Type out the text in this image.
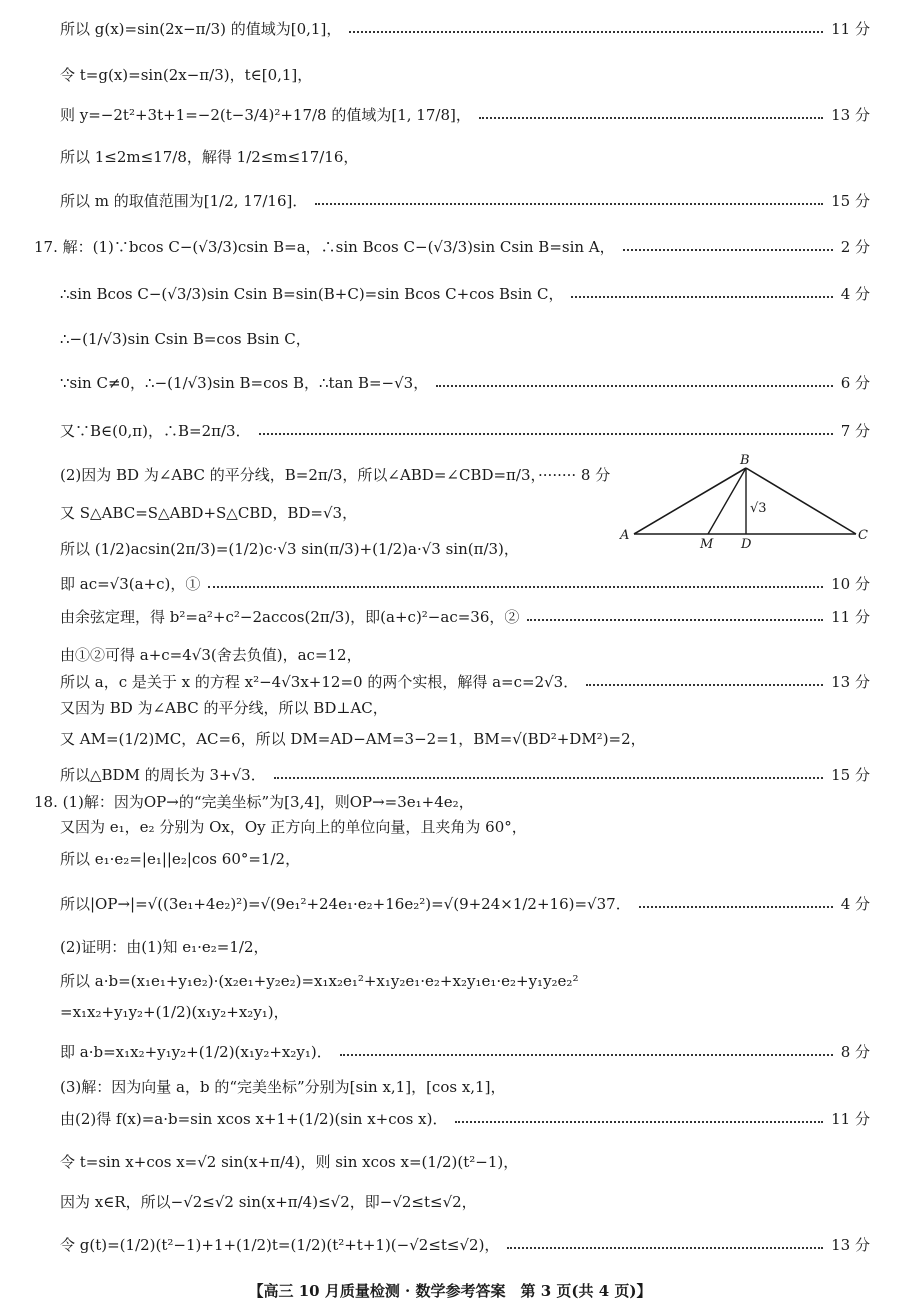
所以 g(x)=sin(2x−π/3) 的值域为[0,1]，	11 分
令 t=g(x)=sin(2x−π/3)，t∈[0,1]，
则 y=−2t²+3t+1=−2(t−3/4)²+17/8 的值域为[1, 17/8]，	13 分
所以 1≤2m≤17/8，解得 1/2≤m≤17/16，
所以 m 的取值范围为[1/2, 17/16]．	15 分
17. 解：(1)∵bcos C−(√3/3)csin B=a，∴sin Bcos C−(√3/3)sin Csin B=sin A，	2 分
∴sin Bcos C−(√3/3)sin Csin B=sin(B+C)=sin Bcos C+cos Bsin C，	4 分
∴−(1/√3)sin Csin B=cos Bsin C，
∵sin C≠0，∴−(1/√3)sin B=cos B，∴tan B=−√3，	6 分
又∵B∈(0,π)，∴B=2π/3．	7 分
(2)因为 BD 为∠ABC 的平分线，B=2π/3，所以∠ABD=∠CBD=π/3，········ 8 分
又 S△ABC=S△ABD+S△CBD，BD=√3，
所以 (1/2)acsin(2π/3)=(1/2)c·√3 sin(π/3)+(1/2)a·√3 sin(π/3)，
即 ac=√3(a+c)，①	10 分
由余弦定理，得 b²=a²+c²−2accos(2π/3)，即(a+c)²−ac=36，②	11 分
由①②可得 a+c=4√3(舍去负值)，ac=12，
所以 a，c 是关于 x 的方程 x²−4√3x+12=0 的两个实根，解得 a=c=2√3．	13 分
又因为 BD 为∠ABC 的平分线，所以 BD⊥AC，
又 AM=(1/2)MC，AC=6，所以 DM=AD−AM=3−2=1，BM=√(BD²+DM²)=2，
所以△BDM 的周长为 3+√3．	15 分
18. (1)解：因为OP→的“完美坐标”为[3,4]，则OP→=3e₁+4e₂，
又因为 e₁，e₂ 分别为 Ox，Oy 正方向上的单位向量，且夹角为 60°，
所以 e₁·e₂=|e₁||e₂|cos 60°=1/2，
所以|OP→|=√((3e₁+4e₂)²)=√(9e₁²+24e₁·e₂+16e₂²)=√(9+24×1/2+16)=√37．	4 分
(2)证明：由(1)知 e₁·e₂=1/2，
所以 a·b=(x₁e₁+y₁e₂)·(x₂e₁+y₂e₂)=x₁x₂e₁²+x₁y₂e₁·e₂+x₂y₁e₁·e₂+y₁y₂e₂²
=x₁x₂+y₁y₂+(1/2)(x₁y₂+x₂y₁)，
即 a·b=x₁x₂+y₁y₂+(1/2)(x₁y₂+x₂y₁)．	8 分
(3)解：因为向量 a，b 的“完美坐标”分别为[sin x,1]，[cos x,1]，
由(2)得 f(x)=a·b=sin xcos x+1+(1/2)(sin x+cos x)．	11 分
令 t=sin x+cos x=√2 sin(x+π/4)，则 sin xcos x=(1/2)(t²−1)，
因为 x∈R，所以−√2≤√2 sin(x+π/4)≤√2，即−√2≤t≤√2，
令 g(t)=(1/2)(t²−1)+1+(1/2)t=(1/2)(t²+t+1)(−√2≤t≤√2)，	13 分
B
A	C
M D
√3
【高三 10 月质量检测 · 数学参考答案　第 3 页(共 4 页)】
